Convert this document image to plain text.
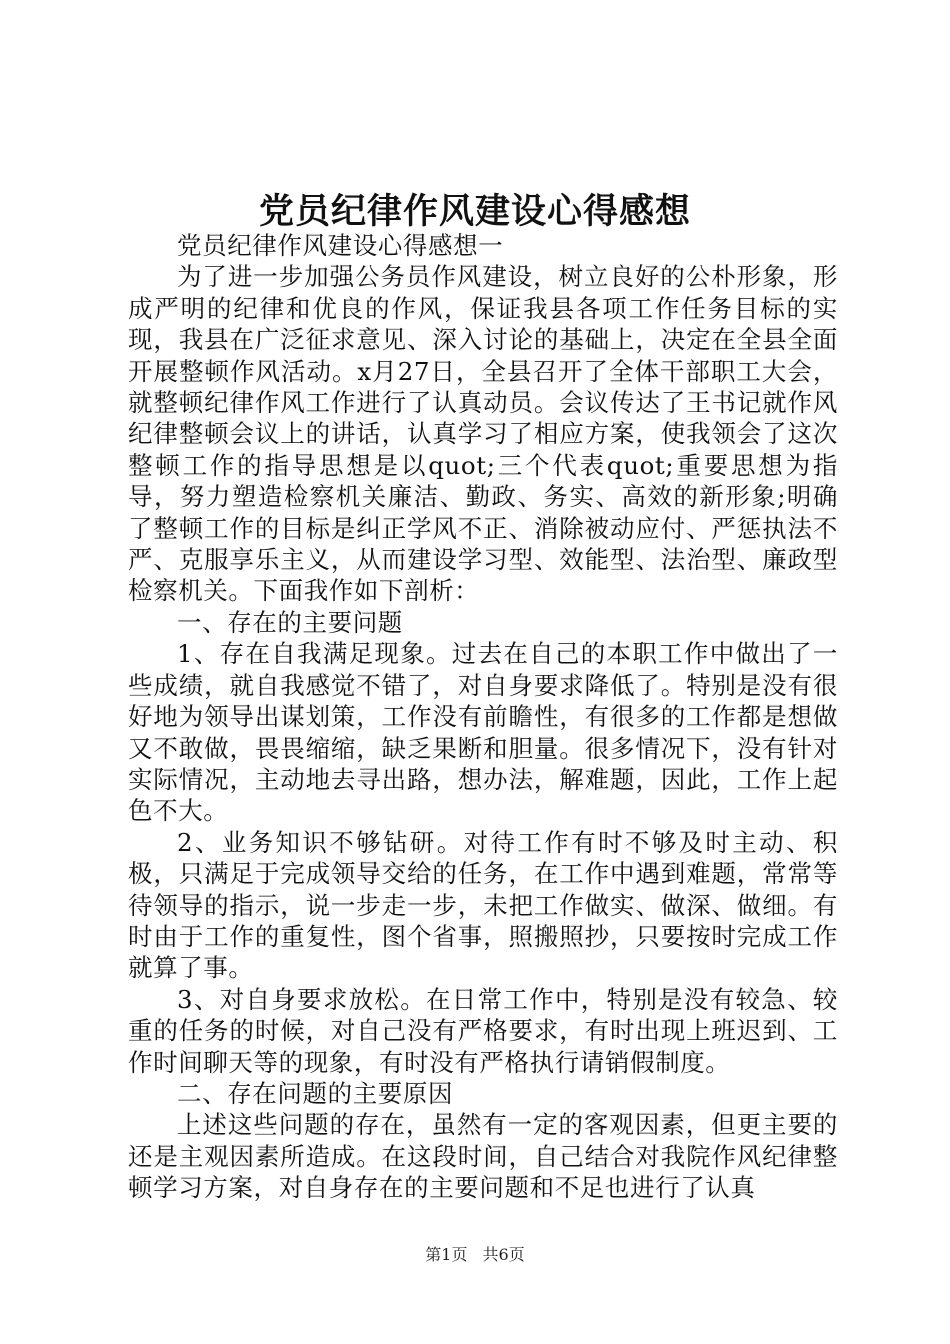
党员纪律作风建设心得感想

党员纪律作风建设心得感想一

为了进一步加强公务员作风建设，树立良好的公朴形象，形成严明的纪律和优良的作风，保证我县各项工作任务目标的实现，我县在广泛征求意见、深入讨论的基础上，决定在全县全面开展整顿作风活动。x月27日，全县召开了全体干部职工大会，就整顿纪律作风工作进行了认真动员。会议传达了王书记就作风纪律整顿会议上的讲话，认真学习了相应方案，使我领会了这次整顿工作的指导思想是以quot;三个代表quot;重要思想为指导，努力塑造检察机关廉洁、勤政、务实、高效的新形象;明确了整顿工作的目标是纠正学风不正、消除被动应付、严惩执法不严、克服享乐主义，从而建设学习型、效能型、法治型、廉政型检察机关。下面我作如下剖析：

一、存在的主要问题

1、存在自我满足现象。过去在自己的本职工作中做出了一些成绩，就自我感觉不错了，对自身要求降低了。特别是没有很好地为领导出谋划策，工作没有前瞻性，有很多的工作都是想做又不敢做，畏畏缩缩，缺乏果断和胆量。很多情况下，没有针对实际情况，主动地去寻出路，想办法，解难题，因此，工作上起色不大。

2、业务知识不够钻研。对待工作有时不够及时主动、积极，只满足于完成领导交给的任务，在工作中遇到难题，常常等待领导的指示，说一步走一步，未把工作做实、做深、做细。有时由于工作的重复性，图个省事，照搬照抄，只要按时完成工作就算了事。

3、对自身要求放松。在日常工作中，特别是没有较急、较重的任务的时候，对自己没有严格要求，有时出现上班迟到、工作时间聊天等的现象，有时没有严格执行请销假制度。

二、存在问题的主要原因

上述这些问题的存在，虽然有一定的客观因素，但更主要的还是主观因素所造成。在这段时间，自己结合对我院作风纪律整顿学习方案，对自身存在的主要问题和不足也进行了认真

第1页 共6页
